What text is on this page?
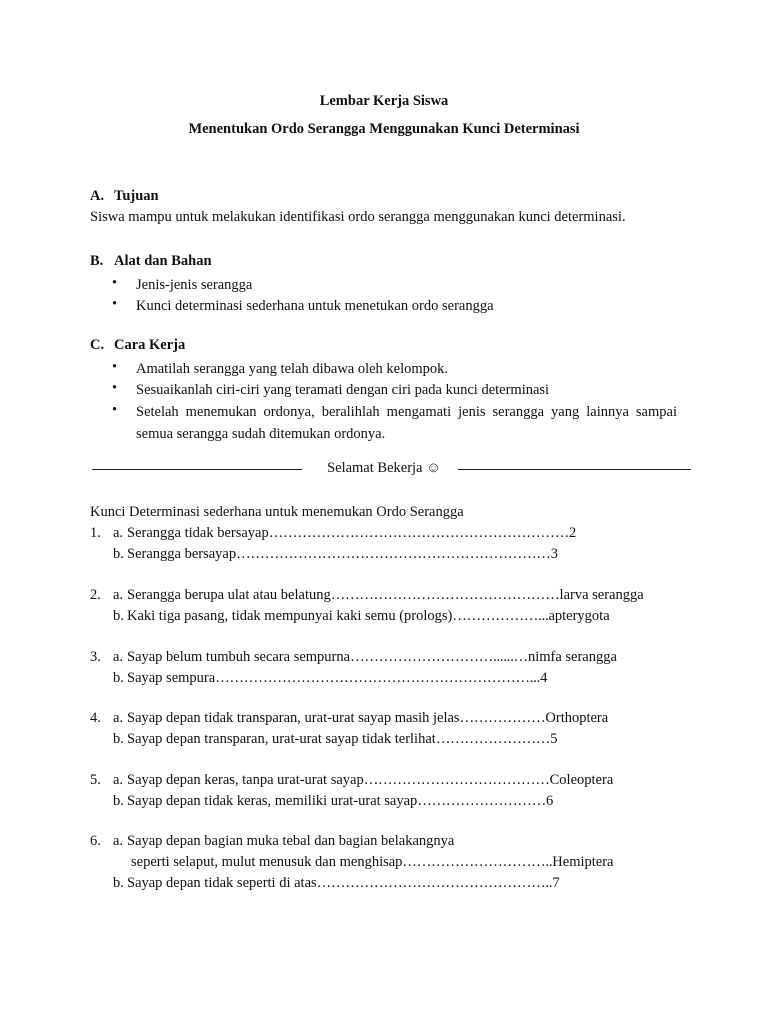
Lembar Kerja Siswa
Menentukan Ordo Serangga Menggunakan Kunci Determinasi
A. Tujuan
Siswa mampu untuk melakukan identifikasi ordo serangga menggunakan kunci determinasi.
B. Alat dan Bahan
• Jenis-jenis serangga
• Kunci determinasi sederhana untuk menetukan ordo serangga
C. Cara Kerja
• Amatilah serangga yang telah dibawa oleh kelompok.
• Sesuaikanlah ciri-ciri yang teramati dengan ciri pada kunci determinasi
• Setelah menemukan ordonya, beralihlah mengamati jenis serangga yang lainnya sampai semua serangga sudah ditemukan ordonya.
Selamat Bekerja ☺
Kunci Determinasi sederhana untuk menemukan Ordo Serangga
1. a. Serangga tidak bersayap………………………………………………………2
b. Serangga bersayap…………………………………………………………3
2. a. Serangga berupa ulat atau belatung…………………………………………larva serangga
b. Kaki tiga pasang, tidak mempunyai kaki semu (prologs)………………...apterygota
3. a. Sayap belum tumbuh secara sempurna…………………………......…nimfa serangga
b. Sayap sempura…………………………………………………………...4
4. a. Sayap depan tidak transparan, urat-urat sayap masih jelas………………Orthoptera
b. Sayap depan transparan, urat-urat sayap tidak terlihat……………………5
5. a. Sayap depan keras, tanpa urat-urat sayap…………………………………Coleoptera
b. Sayap depan tidak keras, memiliki urat-urat sayap………………………6
6. a. Sayap depan bagian muka tebal dan bagian belakangnya
seperti selaput, mulut menusuk dan menghisap…………………………..Hemiptera
b. Sayap depan tidak seperti di atas…………………………………………..7
